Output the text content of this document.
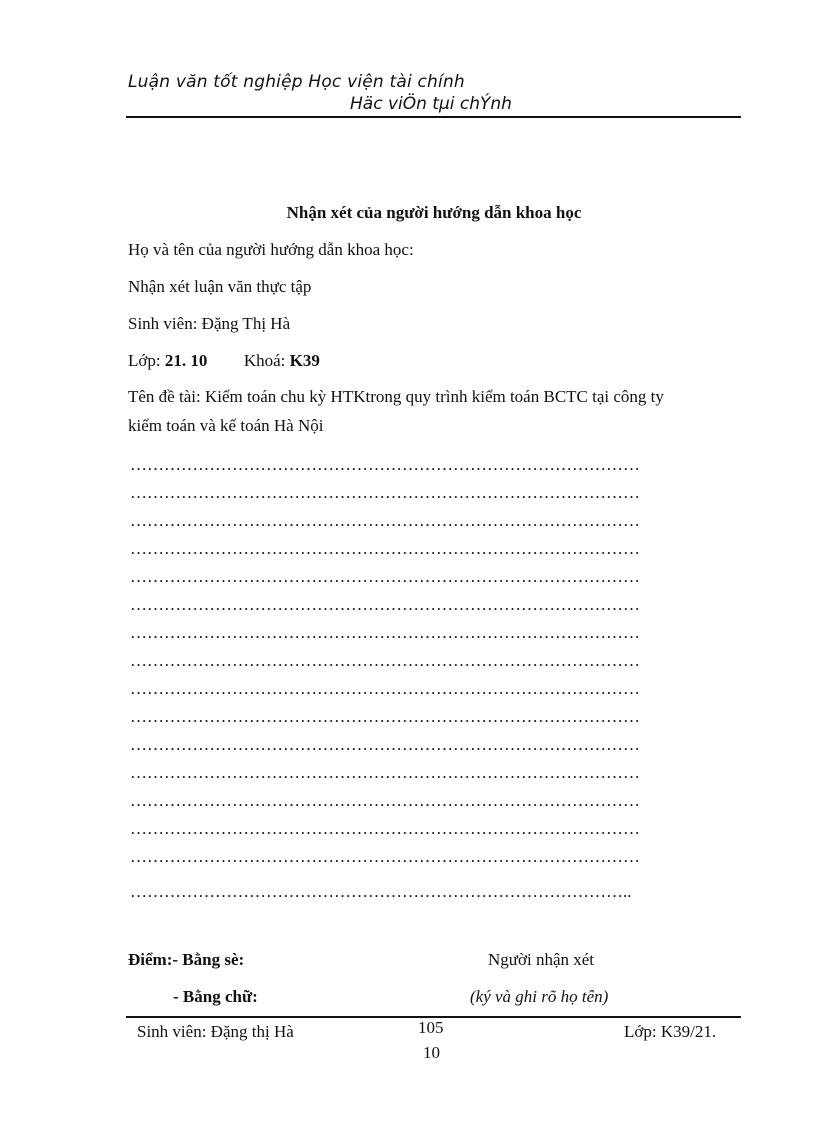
Luận văn tốt nghiệp Học viện tài chính
Häc viÖn tµi chÝnh
Nhận xét của người hướng dẫn khoa học
Họ và tên của người hướng dẫn khoa học:
Nhận xét luận văn thực tập
Sinh viên: Đặng Thị Hà
Lớp: 21. 10 Khoá: K39
Tên đề tài: Kiểm toán chu kỳ HTKtrong quy trình kiểm toán BCTC tại công ty
kiểm toán và kế toán Hà Nội
………………………………………………………………………………
………………………………………………………………………………
………………………………………………………………………………
………………………………………………………………………………
………………………………………………………………………………
………………………………………………………………………………
………………………………………………………………………………
………………………………………………………………………………
………………………………………………………………………………
………………………………………………………………………………
………………………………………………………………………………
………………………………………………………………………………
………………………………………………………………………………
………………………………………………………………………………
………………………………………………………………………………
……………………………………………………………………………..
Điểm:- Bằng sè:
- Bằng chữ:
Người nhận xét
(ký và ghi rõ họ tên)
Sinh viên: Đặng thị Hà	105
10
Lớp: K39/21.
